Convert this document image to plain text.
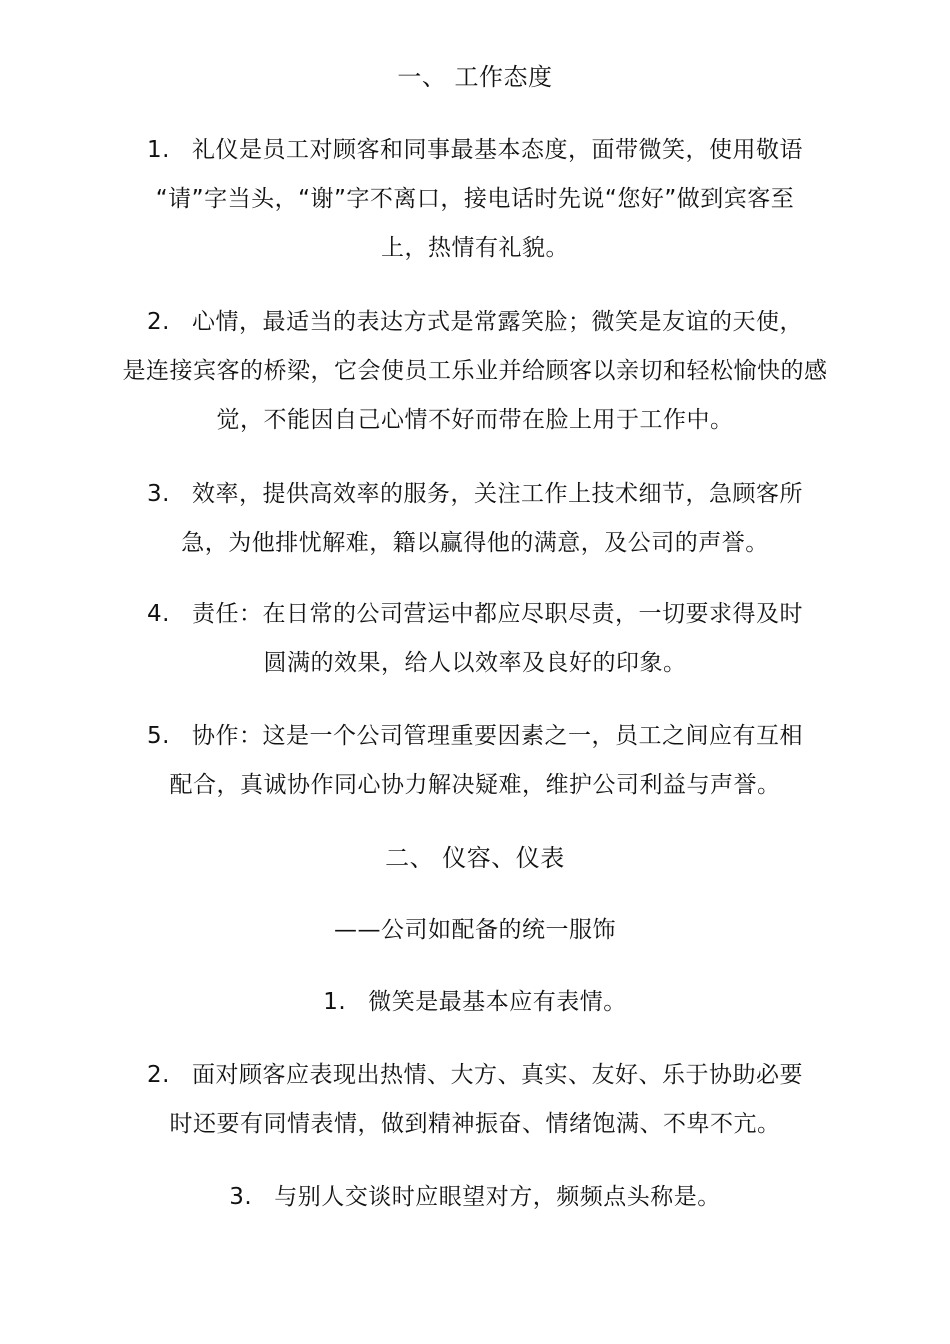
一、 工作态度
1. 礼仪是员工对顾客和同事最基本态度，面带微笑，使用敬语
“请”字当头，“谢”字不离口，接电话时先说“您好”做到宾客至
上，热情有礼貌。
2. 心情，最适当的表达方式是常露笑脸；微笑是友谊的天使，
是连接宾客的桥梁，它会使员工乐业并给顾客以亲切和轻松愉快的感
觉，不能因自己心情不好而带在脸上用于工作中。
3. 效率，提供高效率的服务，关注工作上技术细节，急顾客所
急，为他排忧解难，籍以赢得他的满意，及公司的声誉。
4. 责任：在日常的公司营运中都应尽职尽责，一切要求得及时
圆满的效果，给人以效率及良好的印象。
5. 协作：这是一个公司管理重要因素之一，员工之间应有互相
配合，真诚协作同心协力解决疑难，维护公司利益与声誉。
二、 仪容、仪表
——公司如配备的统一服饰
1. 微笑是最基本应有表情。
2. 面对顾客应表现出热情、大方、真实、友好、乐于协助必要
时还要有同情表情，做到精神振奋、情绪饱满、不卑不亢。
3. 与别人交谈时应眼望对方，频频点头称是。
